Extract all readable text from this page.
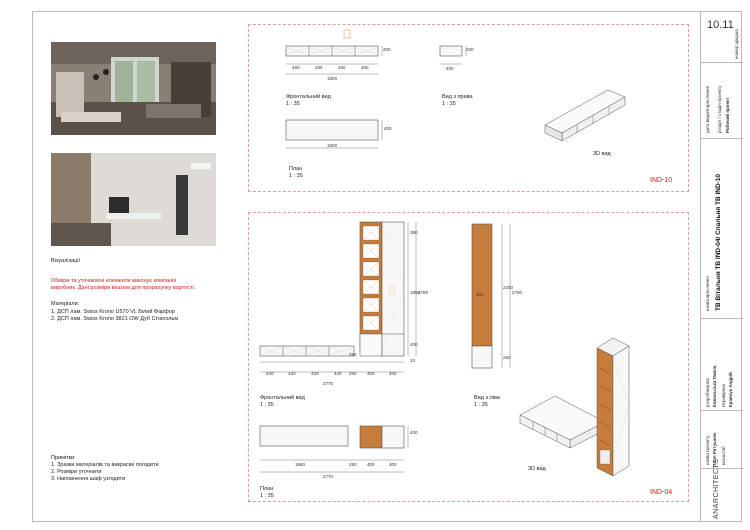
Візуалізації
Обміри та уточнюючі елементи виконує компанія
виробник. Дані розміри вказані для прорахунку вартості.
Матеріали:
1. ДСП лам. Swiss Krono U570 VL Білий Фарфор
2. ДСП лам. Swiss Krono 3821 OW Дуб Стокгольм
Примітки:
1. Зразки матеріалів та викраски погодити
2. Розміри уточнити
3. Наповнення шаф узгодити
IND-10
450	450	450	450
1800
200
Фронтальний вид
1 : 35
200
400
Вид з правa
1 : 35
1800
400
План
1 : 35
3D вид
IND-04
420	420	420	420 250 400	400
2770
380
1950
2780
400
250
10
Фронтальний вид
1 : 35
400
2340
2780
250
Вид з ліва
1 : 35
1680	250 400	400
2770
400
План
1 : 35
3D вид
10.11
номер аркуша
дата видачі креслення розділ / стадія проекту Робочий проект
назва креслення ТВ Вітальня ТВ IND-04/ Спальня ТВ IND-10
розробництво Ковальська Павло перевірено Кравчук Андрій
назва проекту Ілля Ратушняк масштаб
ANARCHITECTS
